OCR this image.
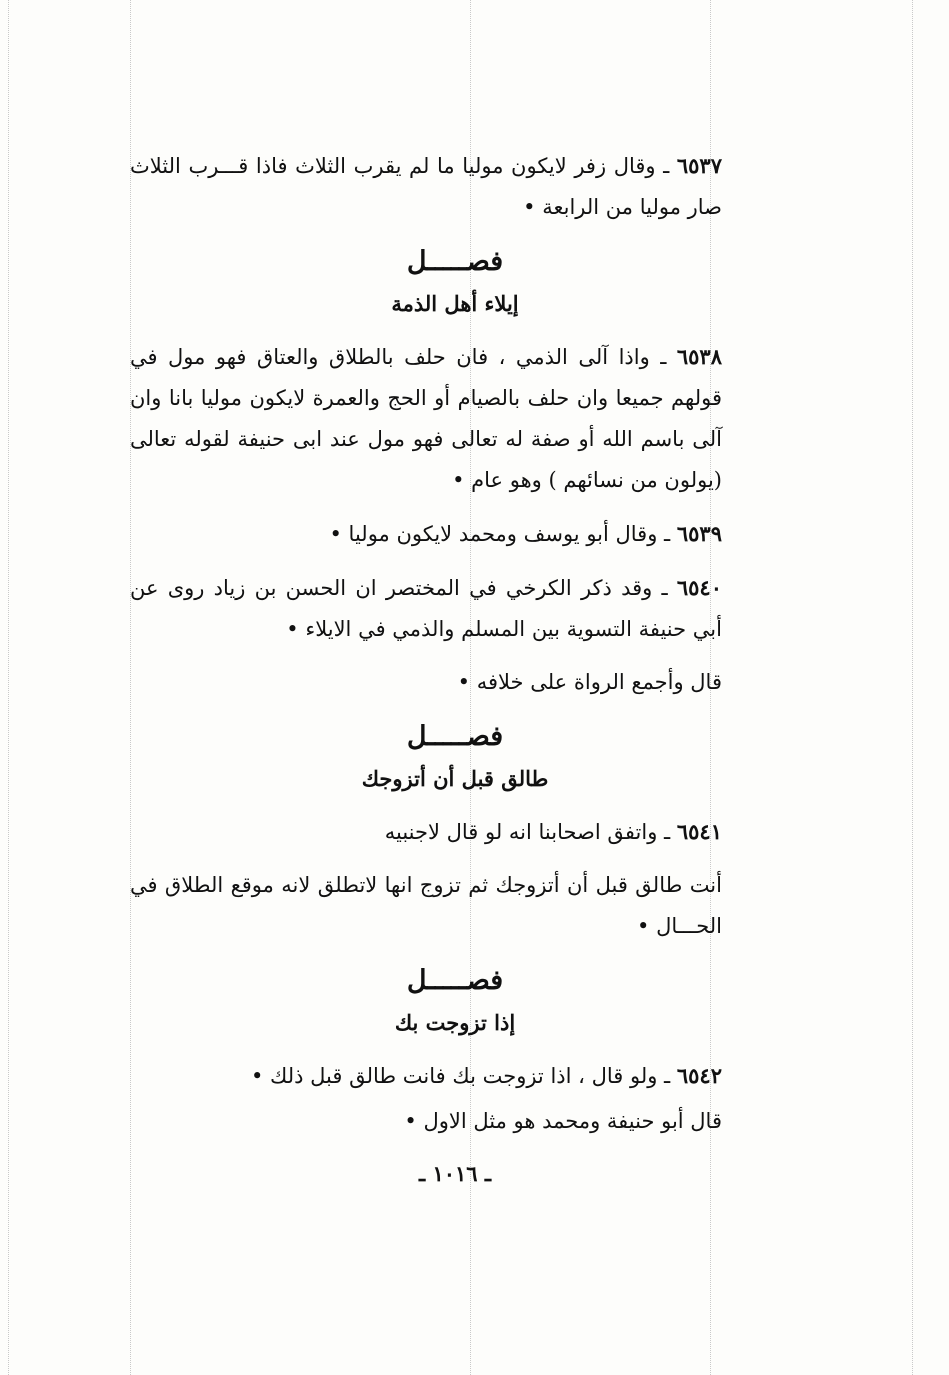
٦٥٣٧ ـ وقال زفر لايكون موليا ما لم يقرب الثلاث فاذا قـــرب الثلاث صار موليا من الرابعة •

فصـــــل
إيلاء أهل الذمة

٦٥٣٨ ـ واذا آلى الذمي ، فان حلف بالطلاق والعتاق فهو مول في قولهم جميعا وان حلف بالصيام أو الحج والعمرة لايكون موليا بانا وان آلى باسم الله أو صفة له تعالى فهو مول عند ابى حنيفة لقوله تعالى (يولون من نسائهم ) وهو عام •

٦٥٣٩ ـ وقال أبو يوسف ومحمد لايكون موليا •

٦٥٤٠ ـ وقد ذكر الكرخي في المختصر ان الحسن بن زياد روى عن أبي حنيفة التسوية بين المسلم والذمي في الايلاء •

قال وأجمع الرواة على خلافه •

فصـــــل
طالق قبل أن أتزوجك

٦٥٤١ ـ واتفق اصحابنا انه لو قال لاجنبيه

أنت طالق قبل أن أتزوجك ثم تزوج انها لاتطلق لانه موقع الطلاق في الحـــال •

فصـــــل
إذا تزوجت بك

٦٥٤٢ ـ ولو قال ، اذا تزوجت بك فانت طالق قبل ذلك •

قال أبو حنيفة ومحمد هو مثل الاول •

ـ ١٠١٦ ـ
